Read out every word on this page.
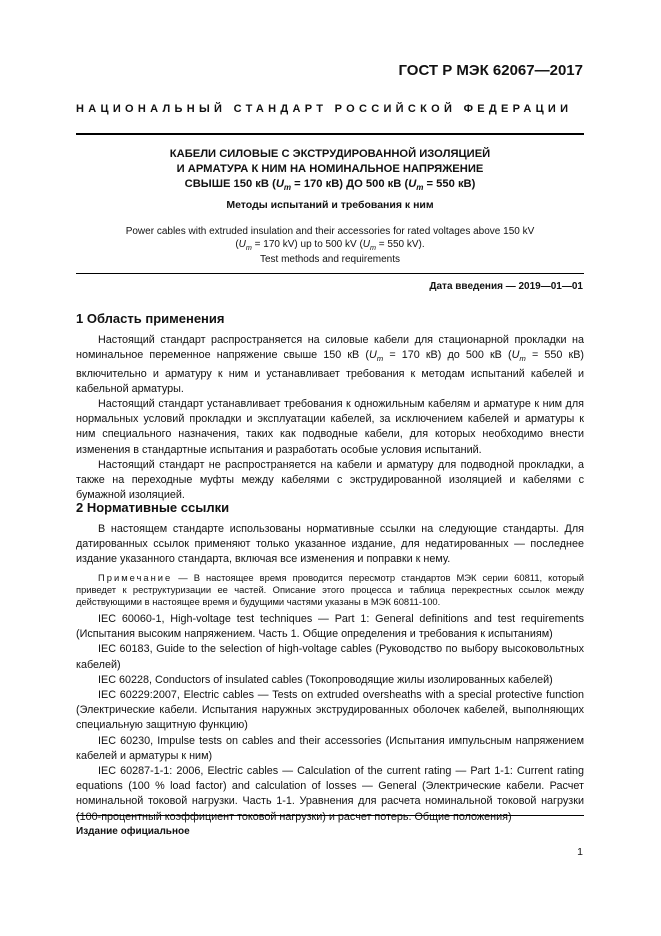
ГОСТ Р МЭК 62067—2017
НАЦИОНАЛЬНЫЙ СТАНДАРТ РОССИЙСКОЙ ФЕДЕРАЦИИ
КАБЕЛИ СИЛОВЫЕ С ЭКСТРУДИРОВАННОЙ ИЗОЛЯЦИЕЙ
И АРМАТУРА К НИМ НА НОМИНАЛЬНОЕ НАПРЯЖЕНИЕ
СВЫШЕ 150 кВ ($U_m = 170$ кВ) ДО 500 кВ ($U_m = 550$ кВ)
Методы испытаний и требования к ним
Power cables with extruded insulation and their accessories for rated voltages above 150 kV
($U_m = 170$ kV) up to 500 kV ($U_m = 550$ kV).
Test methods and requirements
Дата введения — 2019—01—01
1 Область применения

Настоящий стандарт распространяется на силовые кабели для стационарной прокладки на номинальное переменное напряжение свыше 150 кВ ($U_m = 170$ кВ) до 500 кВ ($U_m = 550$ кВ) включительно и арматуру к ним и устанавливает требования к методам испытаний кабелей и кабельной арматуры.

Настоящий стандарт устанавливает требования к одножильным кабелям и арматуре к ним для нормальных условий прокладки и эксплуатации кабелей, за исключением кабелей и арматуры к ним специального назначения, таких как подводные кабели, для которых необходимо внести изменения в стандартные испытания и разработать особые условия испытаний.

Настоящий стандарт не распространяется на кабели и арматуру для подводной прокладки, а также на переходные муфты между кабелями с экструдированной изоляцией и кабелями с бумажной изоляцией.

2 Нормативные ссылки

В настоящем стандарте использованы нормативные ссылки на следующие стандарты. Для датированных ссылок применяют только указанное издание, для недатированных — последнее издание указанного стандарта, включая все изменения и поправки к нему.

Примечание — В настоящее время проводится пересмотр стандартов МЭК серии 60811, который приведет к реструктуризации ее частей. Описание этого процесса и таблица перекрестных ссылок между действующими в настоящее время и будущими частями указаны в МЭК 60811-100.

IEC 60060-1, High-voltage test techniques — Part 1: General definitions and test requirements (Испытания высоким напряжением. Часть 1. Общие определения и требования к испытаниям)

IEC 60183, Guide to the selection of high-voltage cables (Руководство по выбору высоковольтных кабелей)

IEC 60228, Conductors of insulated cables (Токопроводящие жилы изолированных кабелей)

IEC 60229:2007, Electric cables — Tests on extruded oversheaths with a special protective function (Электрические кабели. Испытания наружных экструдированных оболочек кабелей, выполняющих специальную защитную функцию)

IEC 60230, Impulse tests on cables and their accessories (Испытания импульсным напряжением кабелей и арматуры к ним)

IEC 60287-1-1: 2006, Electric cables — Calculation of the current rating — Part 1-1: Current rating equations (100 % load factor) and calculation of losses — General (Электрические кабели. Расчет номинальной токовой нагрузки. Часть 1-1. Уравнения для расчета номинальной токовой нагрузки (100-процентный коэффициент токовой нагрузки) и расчет потерь. Общие положения)

Издание официальное
1
